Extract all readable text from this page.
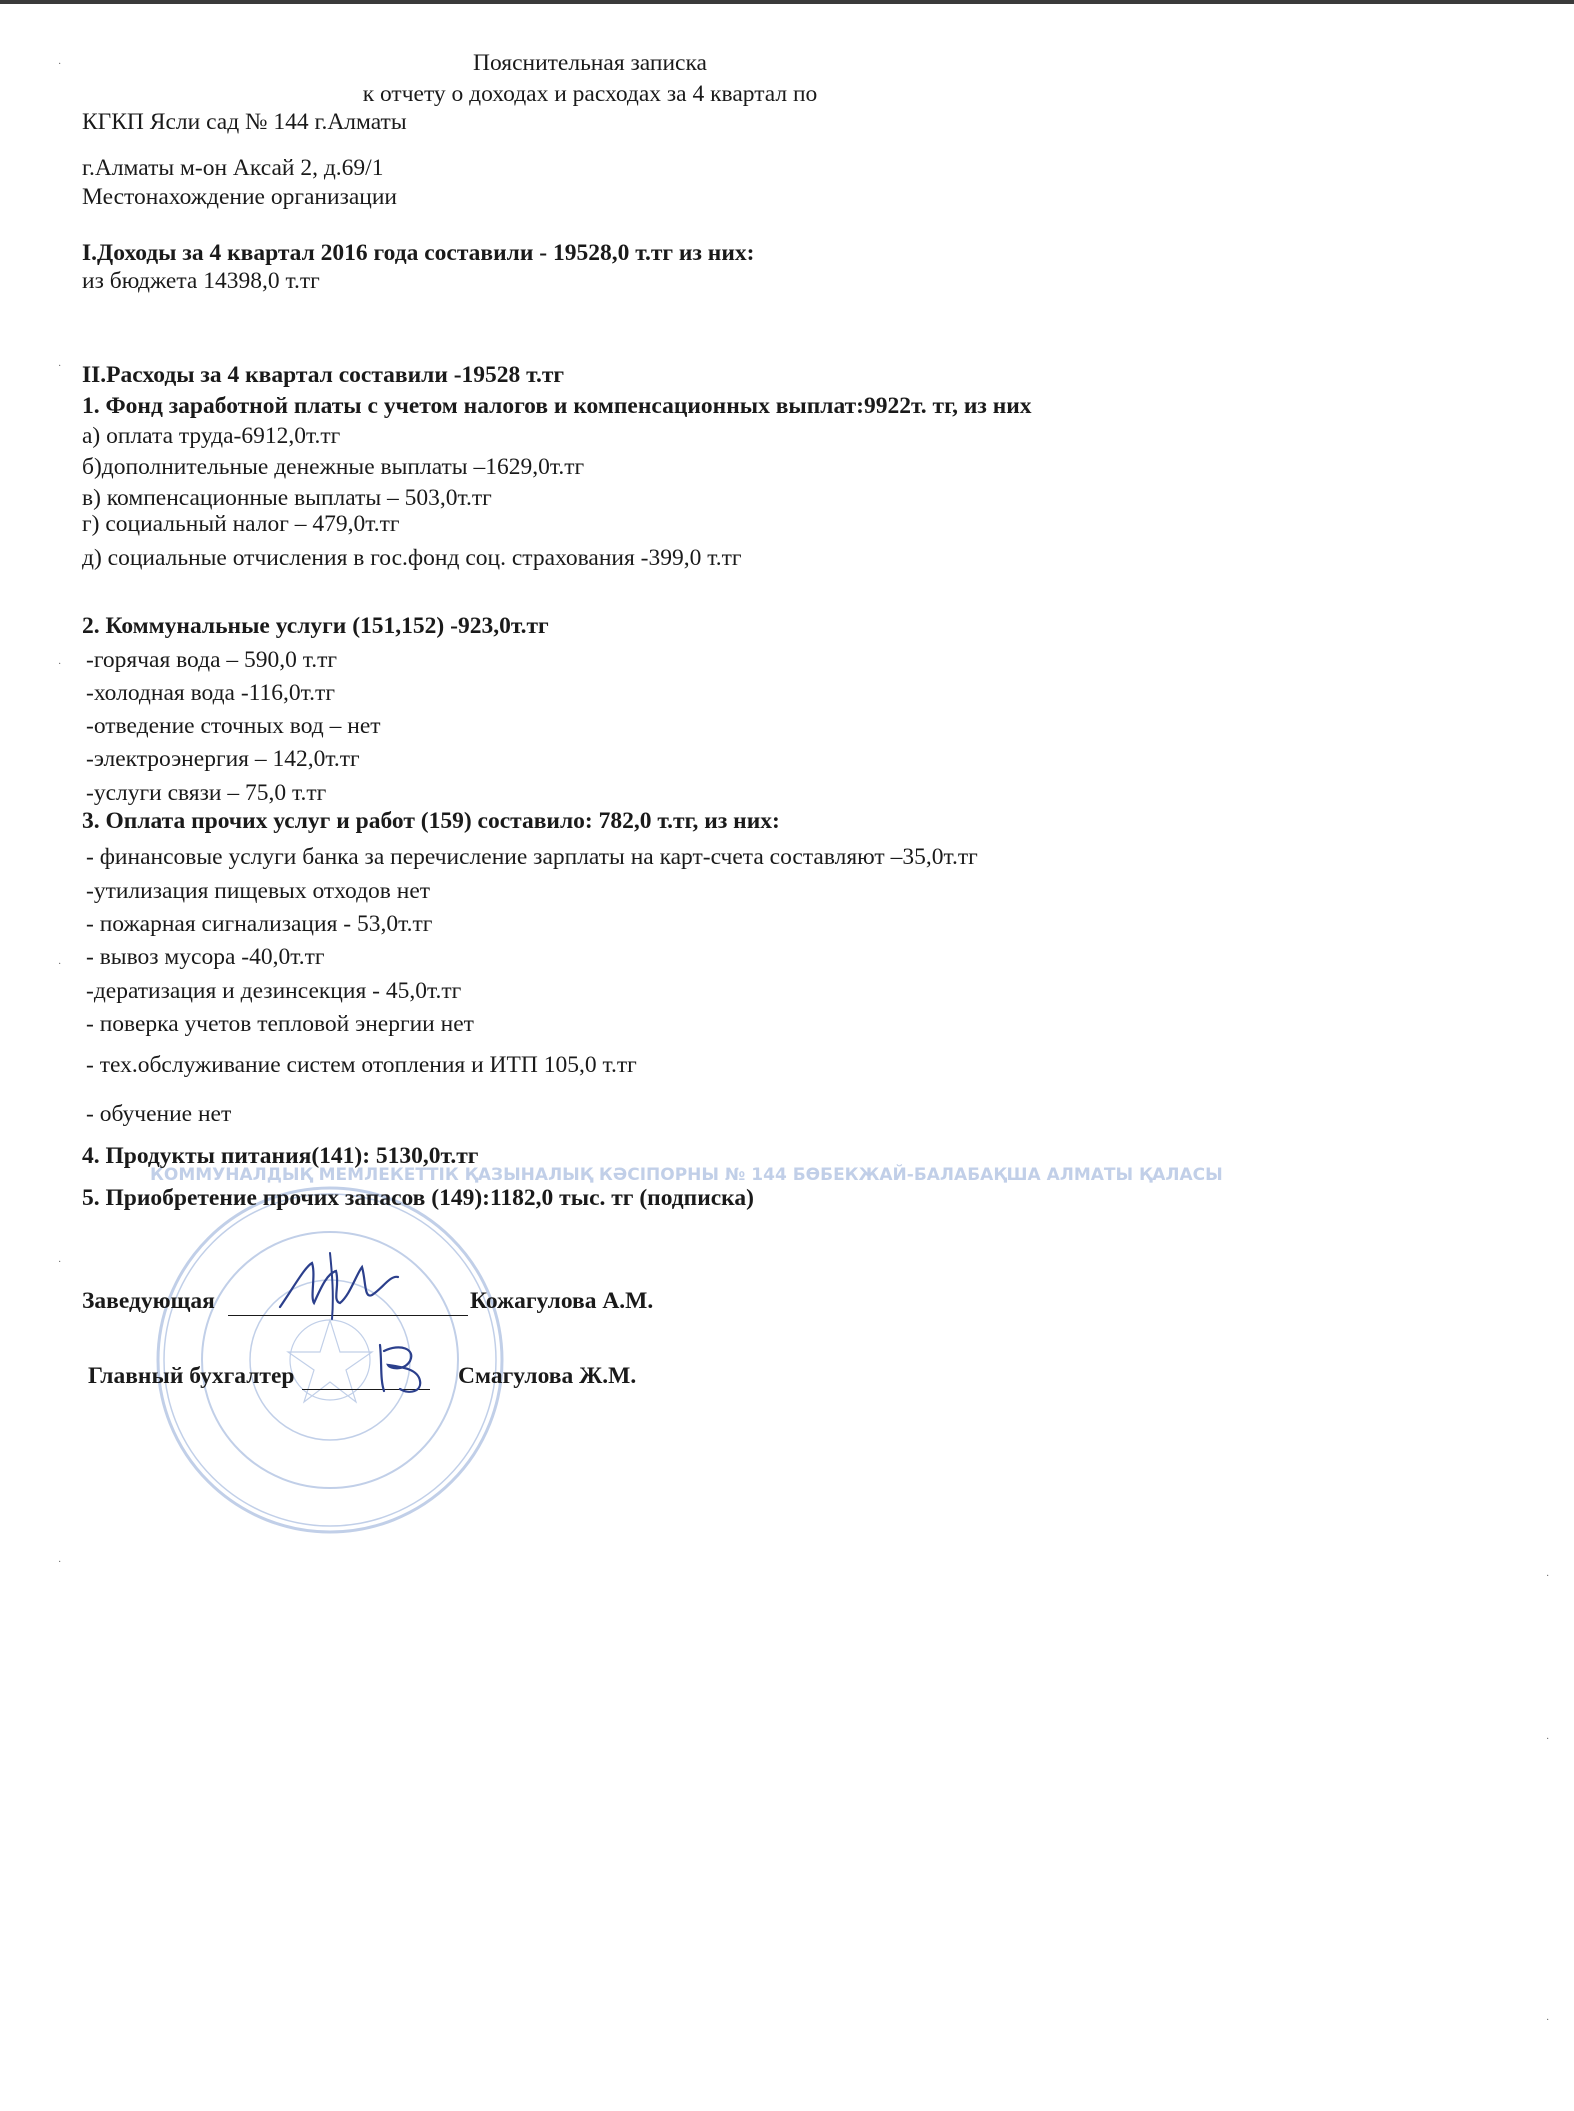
·
·
·
·
·
·
·
·
·
КОММУНАЛДЫҚ МЕМЛЕКЕТТІК ҚАЗЫНАЛЫҚ КӘСІПОРНЫ № 144 БӨБЕКЖАЙ-БАЛАБАҚША АЛМАТЫ ҚАЛАСЫ
Пояснительная записка
к отчету о доходах и расходах за 4 квартал по
КГКП Ясли сад № 144 г.Алматы
г.Алматы м-он Аксай 2, д.69/1
Местонахождение организации
I.Доходы за 4 квартал 2016 года составили - 19528,0 т.тг из них:
из бюджета 14398,0 т.тг
II.Расходы за 4 квартал составили -19528 т.тг
1. Фонд заработной платы с учетом налогов и компенсационных выплат:9922т. тг, из них
а) оплата труда-6912,0т.тг
б)дополнительные денежные выплаты –1629,0т.тг
в) компенсационные выплаты – 503,0т.тг
г) социальный налог – 479,0т.тг
д) социальные отчисления в гос.фонд соц. страхования -399,0 т.тг
2. Коммунальные услуги (151,152) -923,0т.тг
-горячая вода – 590,0 т.тг
-холодная вода -116,0т.тг
-отведение сточных вод – нет
-электроэнергия – 142,0т.тг
-услуги связи – 75,0 т.тг
3. Оплата прочих услуг и работ (159) составило: 782,0 т.тг, из них:
- финансовые услуги банка за перечисление зарплаты на карт-счета составляют –35,0т.тг
-утилизация пищевых отходов нет
- пожарная сигнализация - 53,0т.тг
- вывоз мусора -40,0т.тг
-дератизация и дезинсекция - 45,0т.тг
- поверка учетов тепловой энергии нет
- тех.обслуживание систем отопления и ИТП 105,0 т.тг
- обучение нет
4. Продукты питания(141): 5130,0т.тг
5. Приобретение прочих запасов (149):1182,0 тыс. тг (подписка)
Заведующая	Кожагулова А.М.
Главный бухгалтер	Смагулова Ж.М.
